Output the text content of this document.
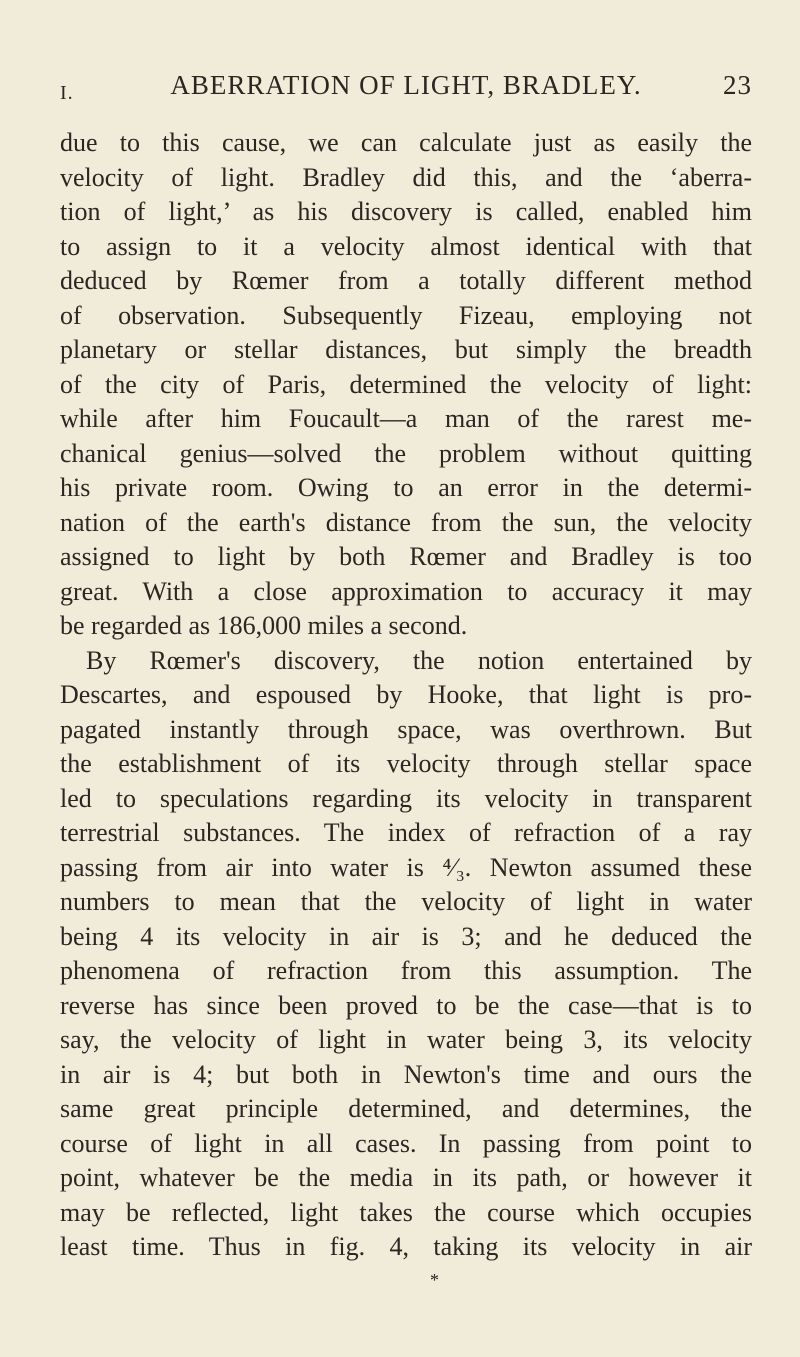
I.	ABERRATION OF LIGHT, BRADLEY.	23
due to this cause, we can calculate just as easily the
velocity of light. Bradley did this, and the ‘aberra-
tion of light,’ as his discovery is called, enabled him
to assign to it a velocity almost identical with that
deduced by Rœmer from a totally different method
of observation. Subsequently Fizeau, employing not
planetary or stellar distances, but simply the breadth
of the city of Paris, determined the velocity of light:
while after him Foucault—a man of the rarest me-
chanical genius—solved the problem without quitting
his private room. Owing to an error in the determi-
nation of the earth's distance from the sun, the velocity
assigned to light by both Rœmer and Bradley is too
great. With a close approximation to accuracy it may
be regarded as 186,000 miles a second.
By Rœmer's discovery, the notion entertained by
Descartes, and espoused by Hooke, that light is pro-
pagated instantly through space, was overthrown. But
the establishment of its velocity through stellar space
led to speculations regarding its velocity in transparent
terrestrial substances. The index of refraction of a ray
passing from air into water is ⁴⁄₃. Newton assumed these
numbers to mean that the velocity of light in water
being 4 its velocity in air is 3; and he deduced the
phenomena of refraction from this assumption. The
reverse has since been proved to be the case—that is to
say, the velocity of light in water being 3, its velocity
in air is 4; but both in Newton's time and ours the
same great principle determined, and determines, the
course of light in all cases. In passing from point to
point, whatever be the media in its path, or however it
may be reflected, light takes the course which occupies
least time. Thus in fig. 4, taking its velocity in air
*
